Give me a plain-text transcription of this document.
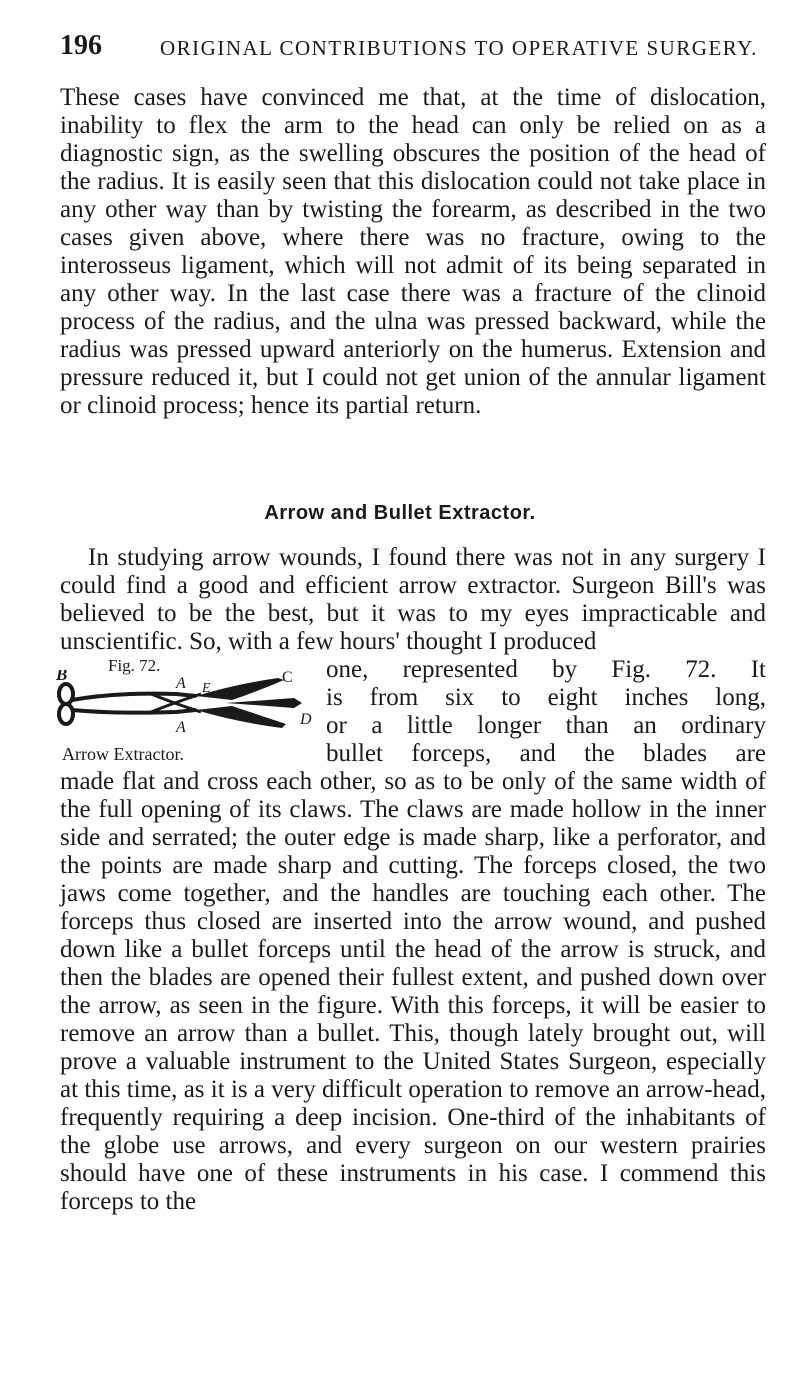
196	ORIGINAL CONTRIBUTIONS TO OPERATIVE SURGERY.

These cases have convinced me that, at the time of dislocation, inability to flex the arm to the head can only be relied on as a diagnostic sign, as the swelling obscures the position of the head of the radius. It is easily seen that this dislocation could not take place in any other way than by twisting the forearm, as described in the two cases given above, where there was no fracture, owing to the interosseus ligament, which will not admit of its being separated in any other way. In the last case there was a fracture of the clinoid process of the radius, and the ulna was pressed backward, while the radius was pressed upward anteriorly on the humerus. Extension and pressure reduced it, but I could not get union of the annular ligament or clinoid process; hence its partial return.

Arrow and Bullet Extractor.

In studying arrow wounds, I found there was not in any surgery I could find a good and efficient arrow extractor. Surgeon Bill's was believed to be the best, but it was to my eyes impracticable and unscientific. So, with a few hours' thought I produced

Fig. 72.
B	A E
C
A	D
Arrow Extractor.
one, represented by Fig. 72. It
is from six to eight inches long,
or a little longer than an ordinary
bullet forceps, and the blades are

made flat and cross each other, so as to be only of the same width of the full opening of its claws. The claws are made hollow in the inner side and serrated; the outer edge is made sharp, like a perforator, and the points are made sharp and cutting. The forceps closed, the two jaws come together, and the handles are touching each other. The forceps thus closed are inserted into the arrow wound, and pushed down like a bullet forceps until the head of the arrow is struck, and then the blades are opened their fullest extent, and pushed down over the arrow, as seen in the figure. With this forceps, it will be easier to remove an arrow than a bullet. This, though lately brought out, will prove a valuable instrument to the United States Surgeon, especially at this time, as it is a very difficult operation to remove an arrow-head, frequently requiring a deep incision. One-third of the inhabitants of the globe use arrows, and every surgeon on our western prairies should have one of these instruments in his case. I commend this forceps to the
